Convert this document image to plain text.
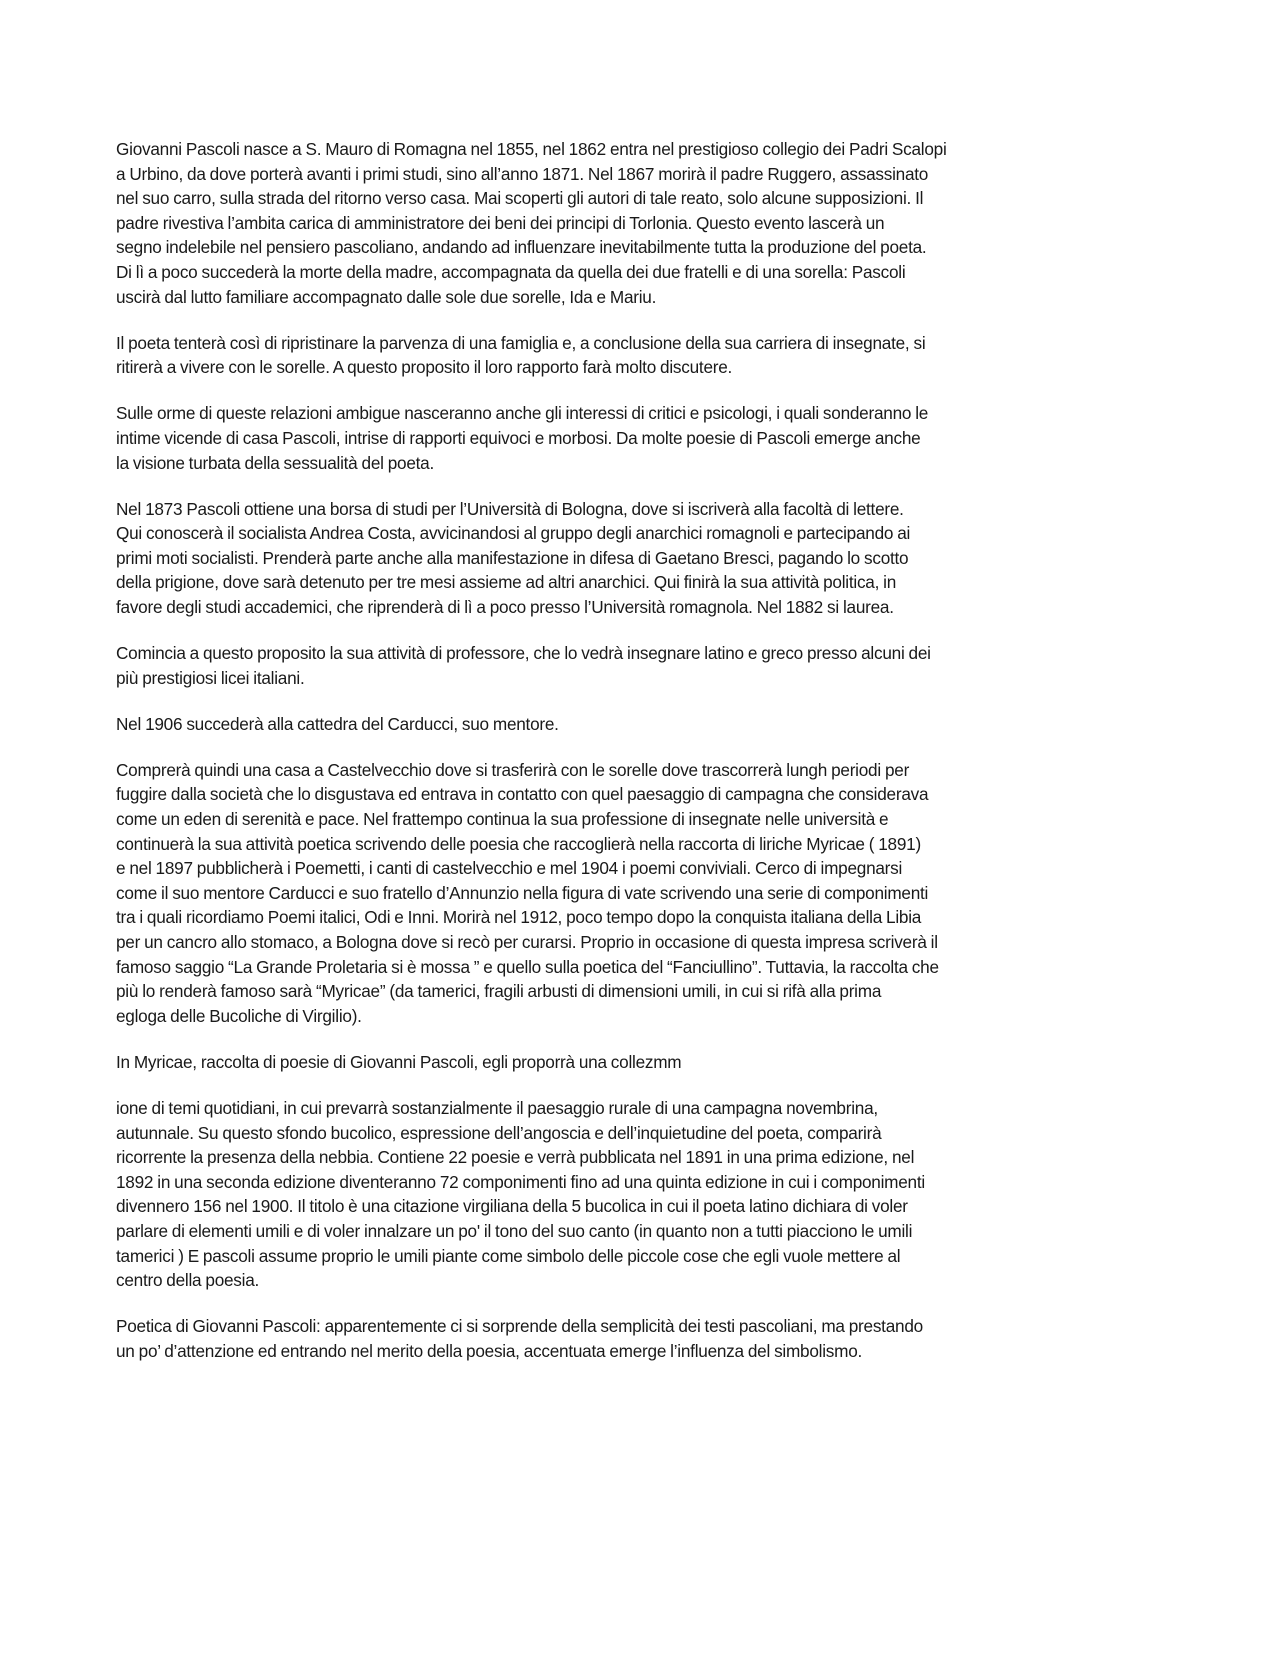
Giovanni Pascoli nasce a S. Mauro di Romagna nel 1855, nel 1862 entra nel prestigioso collegio dei Padri Scalopi
a Urbino, da dove porterà avanti i primi studi, sino all’anno 1871. Nel 1867 morirà il padre Ruggero, assassinato
nel suo carro, sulla strada del ritorno verso casa. Mai scoperti gli autori di tale reato, solo alcune supposizioni. Il
padre rivestiva l’ambita carica di amministratore dei beni dei principi di Torlonia. Questo evento lascerà un
segno indelebile nel pensiero pascoliano, andando ad influenzare inevitabilmente tutta la produzione del poeta.
Di lì a poco succederà la morte della madre, accompagnata da quella dei due fratelli e di una sorella: Pascoli
uscirà dal lutto familiare accompagnato dalle sole due sorelle, Ida e Mariu.

Il poeta tenterà così di ripristinare la parvenza di una famiglia e, a conclusione della sua carriera di insegnate, si
ritirerà a vivere con le sorelle. A questo proposito il loro rapporto farà molto discutere.

Sulle orme di queste relazioni ambigue nasceranno anche gli interessi di critici e psicologi, i quali sonderanno le
intime vicende di casa Pascoli, intrise di rapporti equivoci e morbosi. Da molte poesie di Pascoli emerge anche
la visione turbata della sessualità del poeta.

Nel 1873 Pascoli ottiene una borsa di studi per l’Università di Bologna, dove si iscriverà alla facoltà di lettere.
Qui conoscerà il socialista Andrea Costa, avvicinandosi al gruppo degli anarchici romagnoli e partecipando ai
primi moti socialisti. Prenderà parte anche alla manifestazione in difesa di Gaetano Bresci, pagando lo scotto
della prigione, dove sarà detenuto per tre mesi assieme ad altri anarchici. Qui finirà la sua attività politica, in
favore degli studi accademici, che riprenderà di lì a poco presso l’Università romagnola. Nel 1882 si laurea.

Comincia a questo proposito la sua attività di professore, che lo vedrà insegnare latino e greco presso alcuni dei
più prestigiosi licei italiani.

Nel 1906 succederà alla cattedra del Carducci, suo mentore.

Comprerà quindi una casa a Castelvecchio dove si trasferirà con le sorelle dove trascorrerà lungh periodi per
fuggire dalla società che lo disgustava ed entrava in contatto con quel paesaggio di campagna che considerava
come un eden di serenità e pace. Nel frattempo continua la sua professione di insegnate nelle università e
continuerà la sua attività poetica scrivendo delle poesia che raccoglierà nella raccorta di liriche Myricae ( 1891)
e nel 1897 pubblicherà i Poemetti, i canti di castelvecchio e mel 1904 i poemi conviviali. Cerco di impegnarsi
come il suo mentore Carducci e suo fratello d’Annunzio nella figura di vate scrivendo una serie di componimenti
tra i quali ricordiamo Poemi italici, Odi e Inni. Morirà nel 1912, poco tempo dopo la conquista italiana della Libia
per un cancro allo stomaco, a Bologna dove si recò per curarsi. Proprio in occasione di questa impresa scriverà il
famoso saggio “La Grande Proletaria si è mossa ” e quello sulla poetica del “Fanciullino”. Tuttavia, la raccolta che
più lo renderà famoso sarà “Myricae” (da tamerici, fragili arbusti di dimensioni umili, in cui si rifà alla prima
egloga delle Bucoliche di Virgilio).

In Myricae, raccolta di poesie di Giovanni Pascoli, egli proporrà una collezmm

ione di temi quotidiani, in cui prevarrà sostanzialmente il paesaggio rurale di una campagna novembrina,
autunnale. Su questo sfondo bucolico, espressione dell’angoscia e dell’inquietudine del poeta, comparirà
ricorrente la presenza della nebbia. Contiene 22 poesie e verrà pubblicata nel 1891 in una prima edizione, nel
1892 in una seconda edizione diventeranno 72 componimenti fino ad una quinta edizione in cui i componimenti
divennero 156 nel 1900. Il titolo è una citazione virgiliana della 5 bucolica in cui il poeta latino dichiara di voler
parlare di elementi umili e di voler innalzare un po' il tono del suo canto (in quanto non a tutti piacciono le umili
tamerici ) E pascoli assume proprio le umili piante come simbolo delle piccole cose che egli vuole mettere al
centro della poesia.

Poetica di Giovanni Pascoli: apparentemente ci si sorprende della semplicità dei testi pascoliani, ma prestando
un po’ d’attenzione ed entrando nel merito della poesia, accentuata emerge l’influenza del simbolismo.
